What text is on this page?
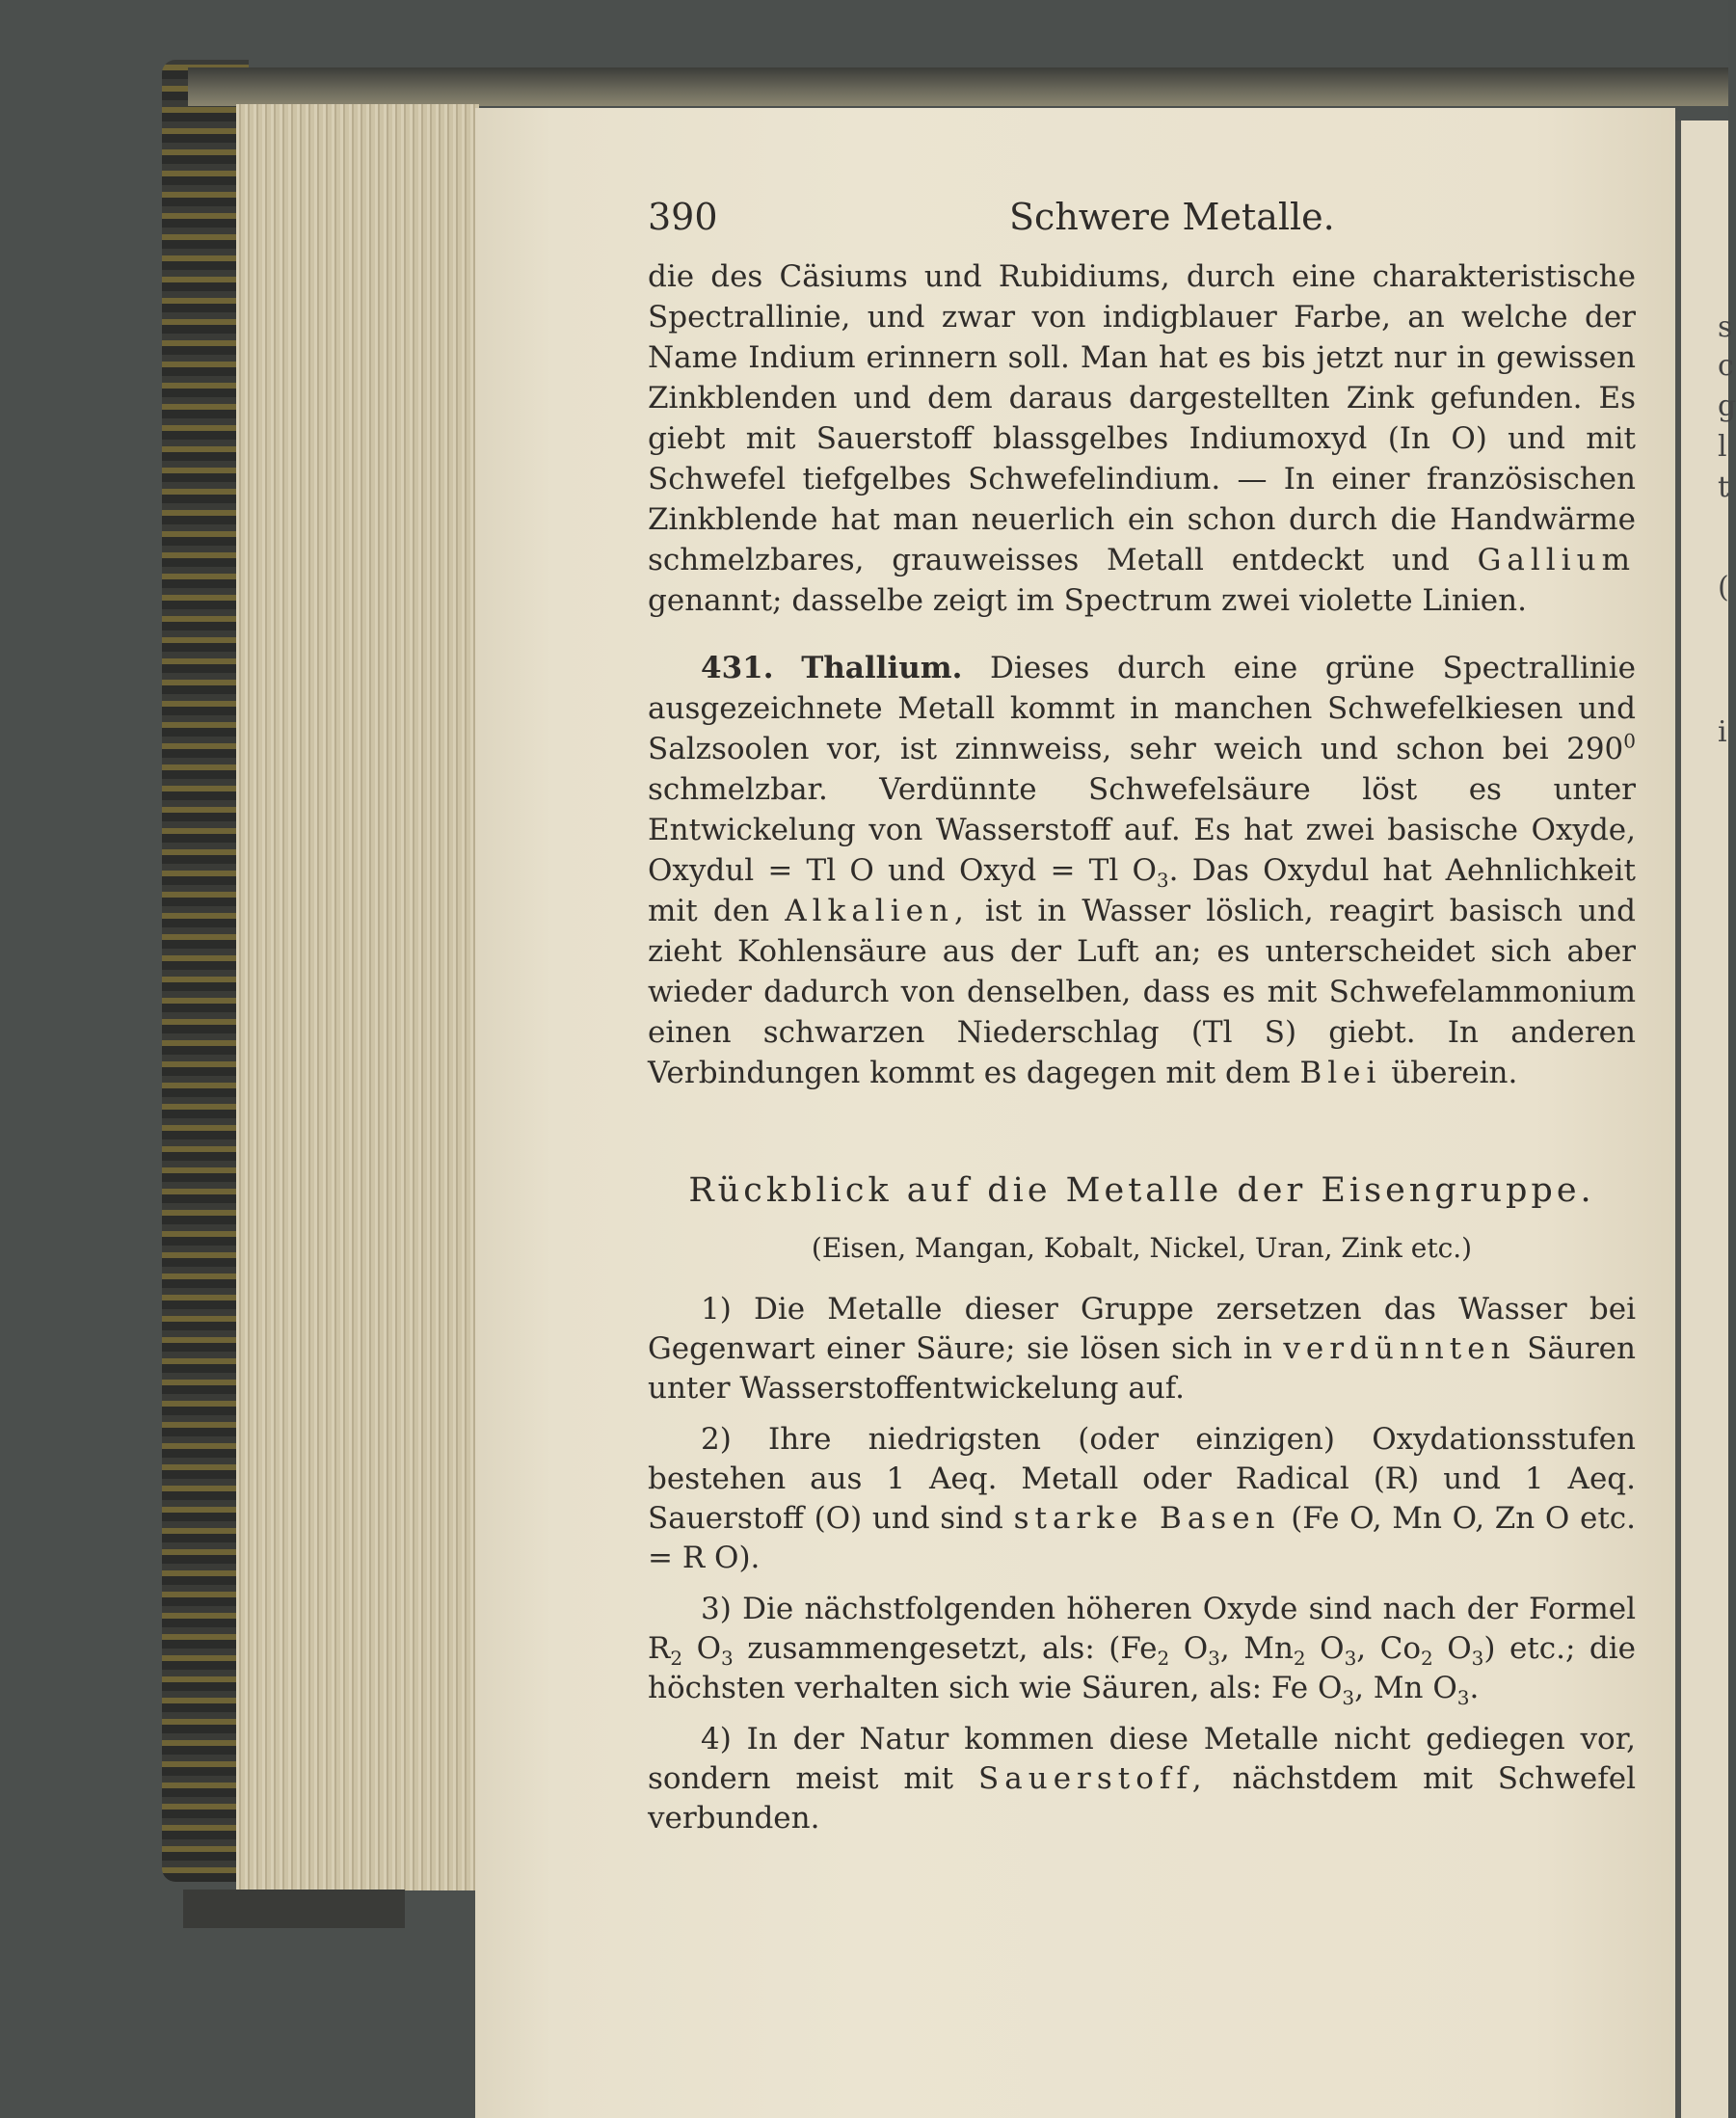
s
c
g
l
t
(
i
390	Schwere Metalle.

die des Cäsiums und Rubidiums, durch eine charakteristische Spectrallinie, und zwar von indigblauer Farbe, an welche der Name Indium erinnern soll. Man hat es bis jetzt nur in gewissen Zinkblenden und dem daraus dargestellten Zink gefunden. Es giebt mit Sauerstoff blassgelbes Indiumoxyd (In O) und mit Schwefel tiefgelbes Schwefelindium. — In einer französischen Zinkblende hat man neuerlich ein schon durch die Handwärme schmelzbares, grauweisses Metall entdeckt und Gallium genannt; dasselbe zeigt im Spectrum zwei violette Linien.

431. Thallium. Dieses durch eine grüne Spectrallinie ausgezeichnete Metall kommt in manchen Schwefelkiesen und Salzsoolen vor, ist zinnweiss, sehr weich und schon bei $290^0$ schmelzbar. Verdünnte Schwefelsäure löst es unter Entwickelung von Wasserstoff auf. Es hat zwei basische Oxyde, Oxydul = Tl O und Oxyd = Tl $O_3$. Das Oxydul hat Aehnlichkeit mit den Alkalien, ist in Wasser löslich, reagirt basisch und zieht Kohlensäure aus der Luft an; es unterscheidet sich aber wieder dadurch von denselben, dass es mit Schwefelammonium einen schwarzen Niederschlag (Tl S) giebt. In anderen Verbindungen kommt es dagegen mit dem Blei überein.

Rückblick auf die Metalle der Eisengruppe.
(Eisen, Mangan, Kobalt, Nickel, Uran, Zink etc.)

1) Die Metalle dieser Gruppe zersetzen das Wasser bei Gegenwart einer Säure; sie lösen sich in verdünnten Säuren unter Wasserstoffentwickelung auf.

2) Ihre niedrigsten (oder einzigen) Oxydationsstufen bestehen aus 1 Aeq. Metall oder Radical (R) und 1 Aeq. Sauerstoff (O) und sind starke Basen (Fe O, Mn O, Zn O etc. = R O).

3) Die nächstfolgenden höheren Oxyde sind nach der Formel $R_2$ $O_3$ zusammengesetzt, als: ($Fe_2$ $O_3$, $Mn_2$ $O_3$, $Co_2$ $O_3$) etc.; die höchsten verhalten sich wie Säuren, als: Fe $O_3$, Mn $O_3$.

4) In der Natur kommen diese Metalle nicht gediegen vor, sondern meist mit Sauerstoff, nächstdem mit Schwefel verbunden.
